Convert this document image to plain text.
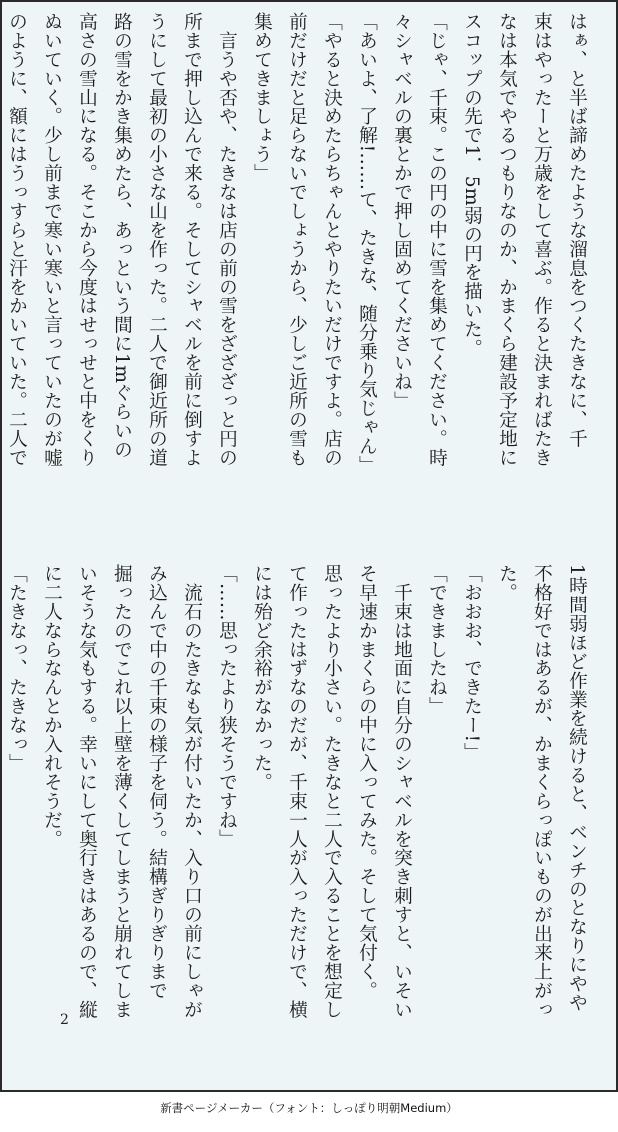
はぁ、と半ば諦めたような溜息をつくたきなに、千
束はやったーと万歳をして喜ぶ。作ると決まればたき
なは本気でやるつもりなのか、かまくら建設予定地に
スコップの先で1．5m弱の円を描いた。
「じゃ、千束。この円の中に雪を集めてください。時
々シャベルの裏とかで押し固めてくださいね」
「あいよ、了解!……て、たきな、随分乗り気じゃん」
「やると決めたらちゃんとやりたいだけですよ。店の
前だけだと足らないでしょうから、少しご近所の雪も
集めてきましょう」
　言うや否や、たきなは店の前の雪をざざざっと円の
所まで押し込んで来る。そしてシャベルを前に倒すよ
うにして最初の小さな山を作った。二人で御近所の道
路の雪をかき集めたら、あっという間に1mぐらいの
高さの雪山になる。そこから今度はせっせと中をくり
ぬいていく。少し前まで寒い寒いと言っていたのが嘘
のように、額にはうっすらと汗をかいていた。二人で
1時間弱ほど作業を続けると、ベンチのとなりにやや
不格好ではあるが、かまくらっぽいものが出来上がっ
た。
「おおお、できたー!」
「できましたね」
　千束は地面に自分のシャベルを突き刺すと、いそい
そ早速かまくらの中に入ってみた。そして気付く。
思ったより小さい。たきなと二人で入ることを想定し
て作ったはずなのだが、千束一人が入っただけで、横
には殆ど余裕がなかった。
「……思ったより狭そうですね」
　流石のたきなも気が付いたか、入り口の前にしゃが
み込んで中の千束の様子を伺う。結構ぎりぎりまで
掘ったのでこれ以上壁を薄くしてしまうと崩れてしま
いそうな気もする。幸いにして奥行きはあるので、縦
に二人ならなんとか入れそうだ。
「たきなっ、たきなっ」
2
新書ページメーカー（フォント：しっぽり明朝Medium）
